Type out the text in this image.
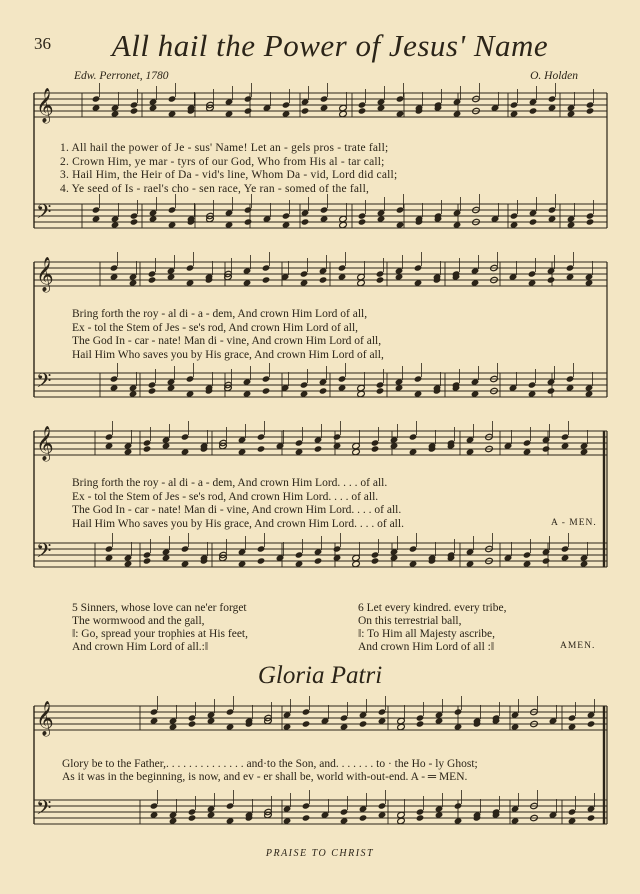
36	All hail the Power of Jesus' Name
Edw. Perronet, 1780	O. Holden
𝄞
𝄢
𝄞
𝄢
𝄞
𝄢
𝄞
𝄢
1. All hail the power of Je - sus' Name! Let an - gels pros - trate fall;
2. Crown Him, ye mar - tyrs of our God, Who from His al - tar call;
3. Hail Him, the Heir of Da - vid's line, Whom Da - vid, Lord did call;
4. Ye seed of Is - rael's cho - sen race, Ye ran - somed of the fall,
Bring forth the roy - al di - a - dem, And crown Him Lord of all,
Ex - tol the Stem of Jes - se's rod, And crown Him Lord of all,
The God In - car - nate! Man di - vine, And crown Him Lord of all,
Hail Him Who saves you by His grace, And crown Him Lord of all,
Bring forth the roy - al di - a - dem, And crown Him Lord. . . . of all.
Ex - tol the Stem of Jes - se's rod, And crown Him Lord. . . . of all.
The God In - car - nate! Man di - vine, And crown Him Lord. . . . of all.
Hail Him Who saves you by His grace, And crown Him Lord. . . . of all.	A - MEN.
5 Sinners, whose love can ne'er forget
The wormwood and the gall,
‖: Go, spread your trophies at His feet,
And crown Him Lord of all.:‖
6 Let every kindred. every tribe,
On this terrestrial ball,
‖: To Him all Majesty ascribe,
And crown Him Lord of all :‖	AMEN.
Gloria Patri
Glory be to the Father,. . . . . . . . . . . . . . and·to the Son, and. . . . . . . to · the Ho - ly Ghost;
As it was in the beginning, is now, and ev - er shall be, world with-out-end. A - ═ MEN.
PRAISE TO CHRIST
